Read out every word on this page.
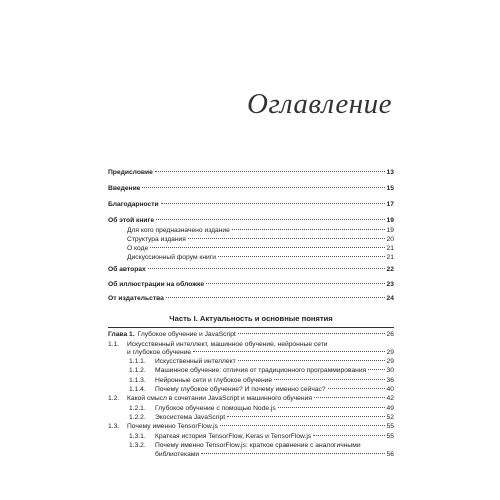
Оглавление
Предисловие	13
Введение	15
Благодарности	17
Об этой книге	19
Для кого предназначено издание	19
Структура издания	20
О коде	21
Дискуссионный форум книги	21
Об авторах	22
Об иллюстрации на обложке	23
От издательства	24
Часть I. Актуальность и основные понятия
Глава 1. Глубокое обучение и JavaScript	26
1.1. Искусственный интеллект, машинное обучение, нейронные сети
и глубокое обучение	29
1.1.1.	Искусственный интеллект	29
1.1.2.	Машинное обучение: отличия от традиционного программирования	30
1.1.3.	Нейронные сети и глубокое обучение	36
1.1.4.	Почему глубокое обучение? И почему именно сейчас?	40
1.2.	Какой смысл в сочетании JavaScript и машинного обучения	42
1.2.1.	Глубокое обучение с помощью Node.js	49
1.2.2.	Экосистема JavaScript	52
1.3.	Почему именно TensorFlow.js	55
1.3.1.	Краткая история TensorFlow, Keras и TensorFlow.js	55
1.3.2. Почему именно TensorFlow.js: краткое сравнение с аналогичными
библиотеками	56
